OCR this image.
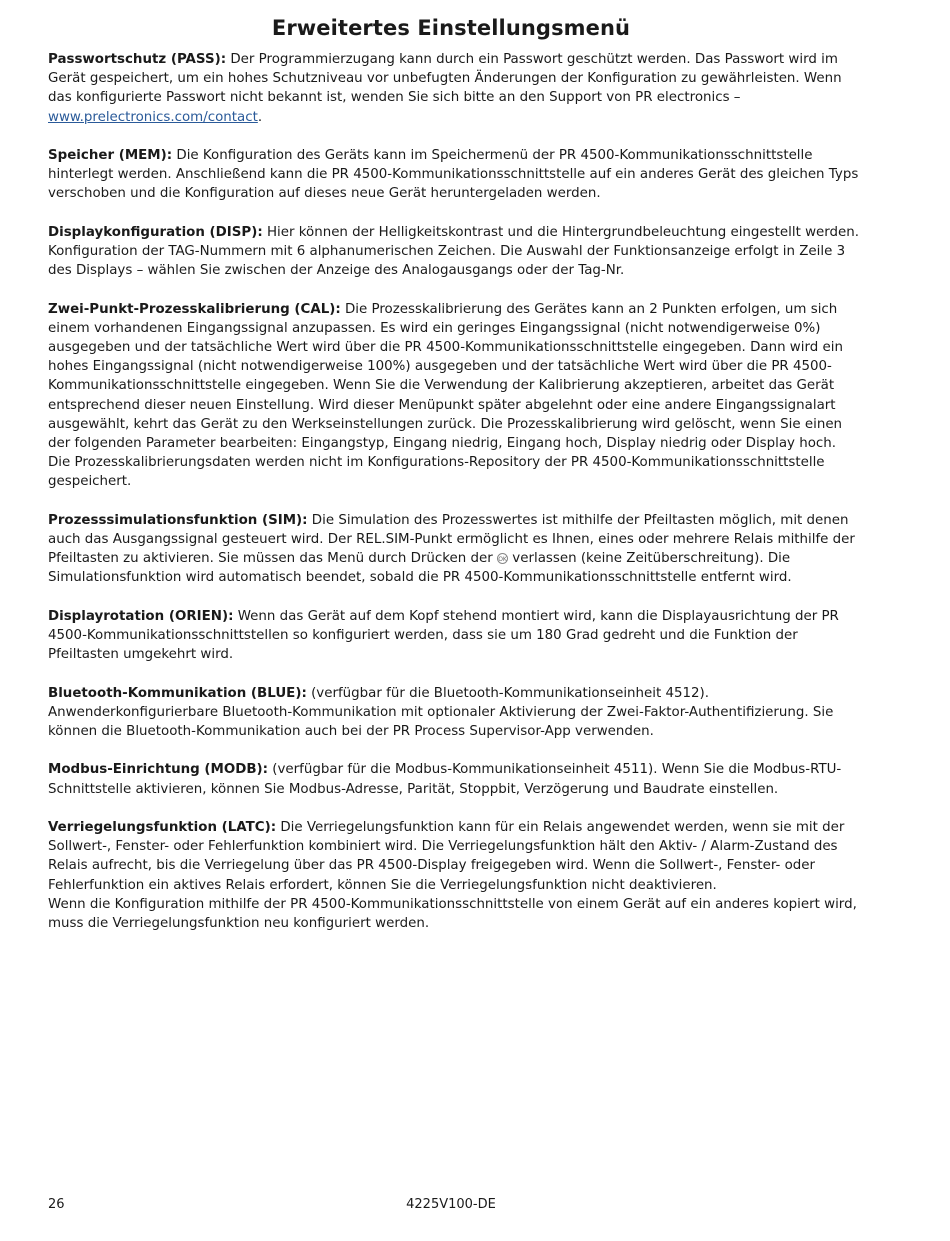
Erweitertes Einstellungsmenü

Passwortschutz (PASS): Der Programmierzugang kann durch ein Passwort geschützt werden. Das Passwort wird im Gerät gespeichert, um ein hohes Schutzniveau vor unbefugten Änderungen der Konfiguration zu gewährleisten. Wenn das konfigurierte Passwort nicht bekannt ist, wenden Sie sich bitte an den Support von PR electronics – www.prelectronics.com/contact.

Speicher (MEM): Die Konfiguration des Geräts kann im Speichermenü der PR 4500-Kommunikationsschnittstelle hinterlegt werden. Anschließend kann die PR 4500-Kommunikationsschnittstelle auf ein anderes Gerät des gleichen Typs verschoben und die Konfiguration auf dieses neue Gerät heruntergeladen werden.

Displaykonfiguration (DISP): Hier können der Helligkeitskontrast und die Hintergrundbeleuchtung eingestellt werden. Konfiguration der TAG-Nummern mit 6 alphanumerischen Zeichen. Die Auswahl der Funktionsanzeige erfolgt in Zeile 3 des Displays – wählen Sie zwischen der Anzeige des Analogausgangs oder der Tag-Nr.

Zwei-Punkt-Prozesskalibrierung (CAL): Die Prozesskalibrierung des Gerätes kann an 2 Punkten erfolgen, um sich einem vorhandenen Eingangssignal anzupassen. Es wird ein geringes Eingangssignal (nicht notwendigerweise 0%) ausgegeben und der tatsächliche Wert wird über die PR 4500-Kommunikationsschnittstelle eingegeben. Dann wird ein hohes Eingangssignal (nicht notwendigerweise 100%) ausgegeben und der tatsächliche Wert wird über die PR 4500-Kommunikationsschnittstelle eingegeben. Wenn Sie die Verwendung der Kalibrierung akzeptieren, arbeitet das Gerät entsprechend dieser neuen Einstellung. Wird dieser Menüpunkt später abgelehnt oder eine andere Eingangssignalart ausgewählt, kehrt das Gerät zu den Werkseinstellungen zurück. Die Prozesskalibrierung wird gelöscht, wenn Sie einen der folgenden Parameter bearbeiten: Eingangstyp, Eingang niedrig, Eingang hoch, Display niedrig oder Display hoch. Die Prozesskalibrierungsdaten werden nicht im Konfigurations-Repository der PR 4500-Kommunikationsschnittstelle gespeichert.

Prozesssimulationsfunktion (SIM): Die Simulation des Prozesswertes ist mithilfe der Pfeiltasten möglich, mit denen auch das Ausgangssignal gesteuert wird. Der REL.SIM-Punkt ermöglicht es Ihnen, eines oder mehrere Relais mithilfe der Pfeiltasten zu aktivieren. Sie müssen das Menü durch Drücken der OK verlassen (keine Zeitüberschreitung). Die Simulationsfunktion wird automatisch beendet, sobald die PR 4500-Kommunikationsschnittstelle entfernt wird.

Displayrotation (ORIEN): Wenn das Gerät auf dem Kopf stehend montiert wird, kann die Displayausrichtung der PR 4500-Kommunikationsschnittstellen so konfiguriert werden, dass sie um 180 Grad gedreht und die Funktion der Pfeiltasten umgekehrt wird.

Bluetooth-Kommunikation (BLUE): (verfügbar für die Bluetooth-Kommunikationseinheit 4512). Anwenderkonfigurierbare Bluetooth-Kommunikation mit optionaler Aktivierung der Zwei-Faktor-Authentifizierung. Sie können die Bluetooth-Kommunikation auch bei der PR Process Supervisor-App verwenden.

Modbus-Einrichtung (MODB): (verfügbar für die Modbus-Kommunikationseinheit 4511). Wenn Sie die Modbus-RTU-Schnittstelle aktivieren, können Sie Modbus-Adresse, Parität, Stoppbit, Verzögerung und Baudrate einstellen.

Verriegelungsfunktion (LATC): Die Verriegelungsfunktion kann für ein Relais angewendet werden, wenn sie mit der Sollwert-, Fenster- oder Fehlerfunktion kombiniert wird. Die Verriegelungsfunktion hält den Aktiv- / Alarm-Zustand des Relais aufrecht, bis die Verriegelung über das PR 4500-Display freigegeben wird. Wenn die Sollwert-, Fenster- oder Fehlerfunktion ein aktives Relais erfordert, können Sie die Verriegelungsfunktion nicht deaktivieren.

Wenn die Konfiguration mithilfe der PR 4500-Kommunikationsschnittstelle von einem Gerät auf ein anderes kopiert wird, muss die Verriegelungsfunktion neu konfiguriert werden.

26	4225V100-DE
